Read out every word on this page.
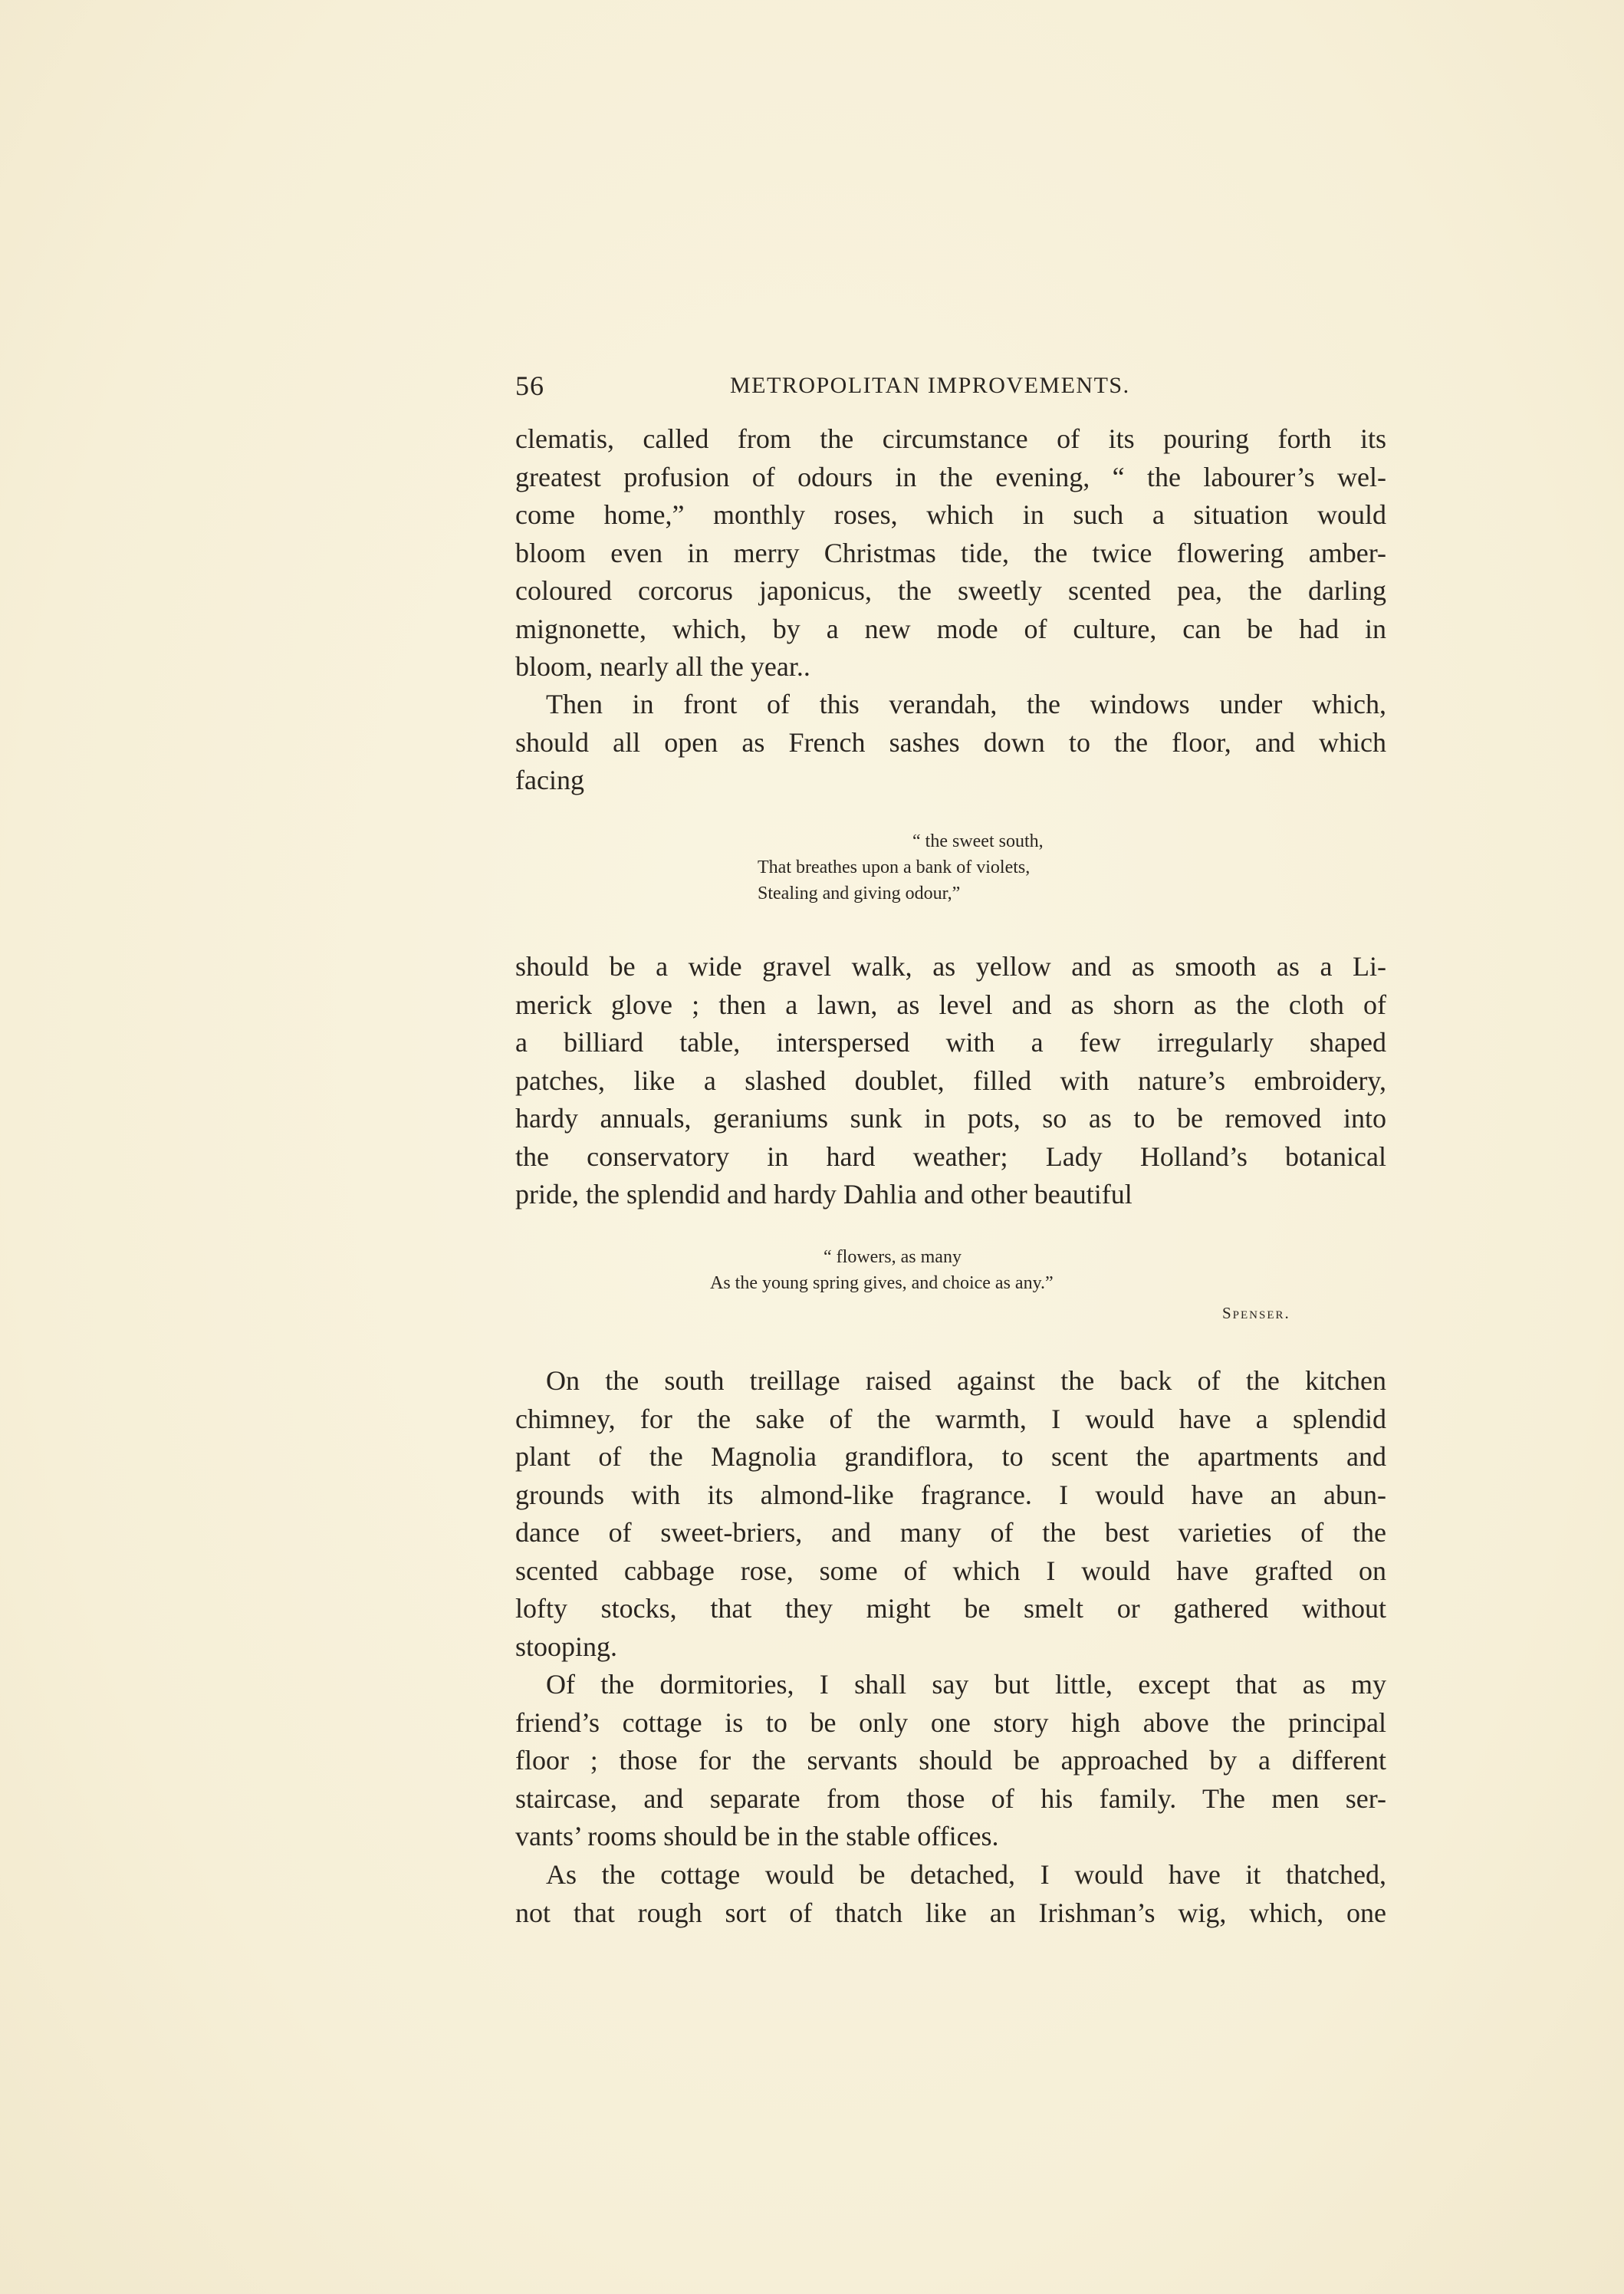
56	METROPOLITAN IMPROVEMENTS.
clematis, called from the circumstance of its pouring forth its
greatest profusion of odours in the evening, “ the labourer’s wel-
come home,” monthly roses, which in such a situation would
bloom even in merry Christmas tide, the twice flowering amber-
coloured corcorus japonicus, the sweetly scented pea, the darling
mignonette, which, by a new mode of culture, can be had in
bloom, nearly all the year..
Then in front of this verandah, the windows under which,
should all open as French sashes down to the floor, and which
facing
“ the sweet south,
That breathes upon a bank of violets,
Stealing and giving odour,”
should be a wide gravel walk, as yellow and as smooth as a Li-
merick glove ; then a lawn, as level and as shorn as the cloth of
a billiard table, interspersed with a few irregularly shaped
patches, like a slashed doublet, filled with nature’s embroidery,
hardy annuals, geraniums sunk in pots, so as to be removed into
the conservatory in hard weather; Lady Holland’s botanical
pride, the splendid and hardy Dahlia and other beautiful
“ flowers, as many
As the young spring gives, and choice as any.”
Spenser.
On the south treillage raised against the back of the kitchen
chimney, for the sake of the warmth, I would have a splendid
plant of the Magnolia grandiflora, to scent the apartments and
grounds with its almond-like fragrance. I would have an abun-
dance of sweet-briers, and many of the best varieties of the
scented cabbage rose, some of which I would have grafted on
lofty stocks, that they might be smelt or gathered without
stooping.
Of the dormitories, I shall say but little, except that as my
friend’s cottage is to be only one story high above the principal
floor ; those for the servants should be approached by a different
staircase, and separate from those of his family. The men ser-
vants’ rooms should be in the stable offices.
As the cottage would be detached, I would have it thatched,
not that rough sort of thatch like an Irishman’s wig, which, one
